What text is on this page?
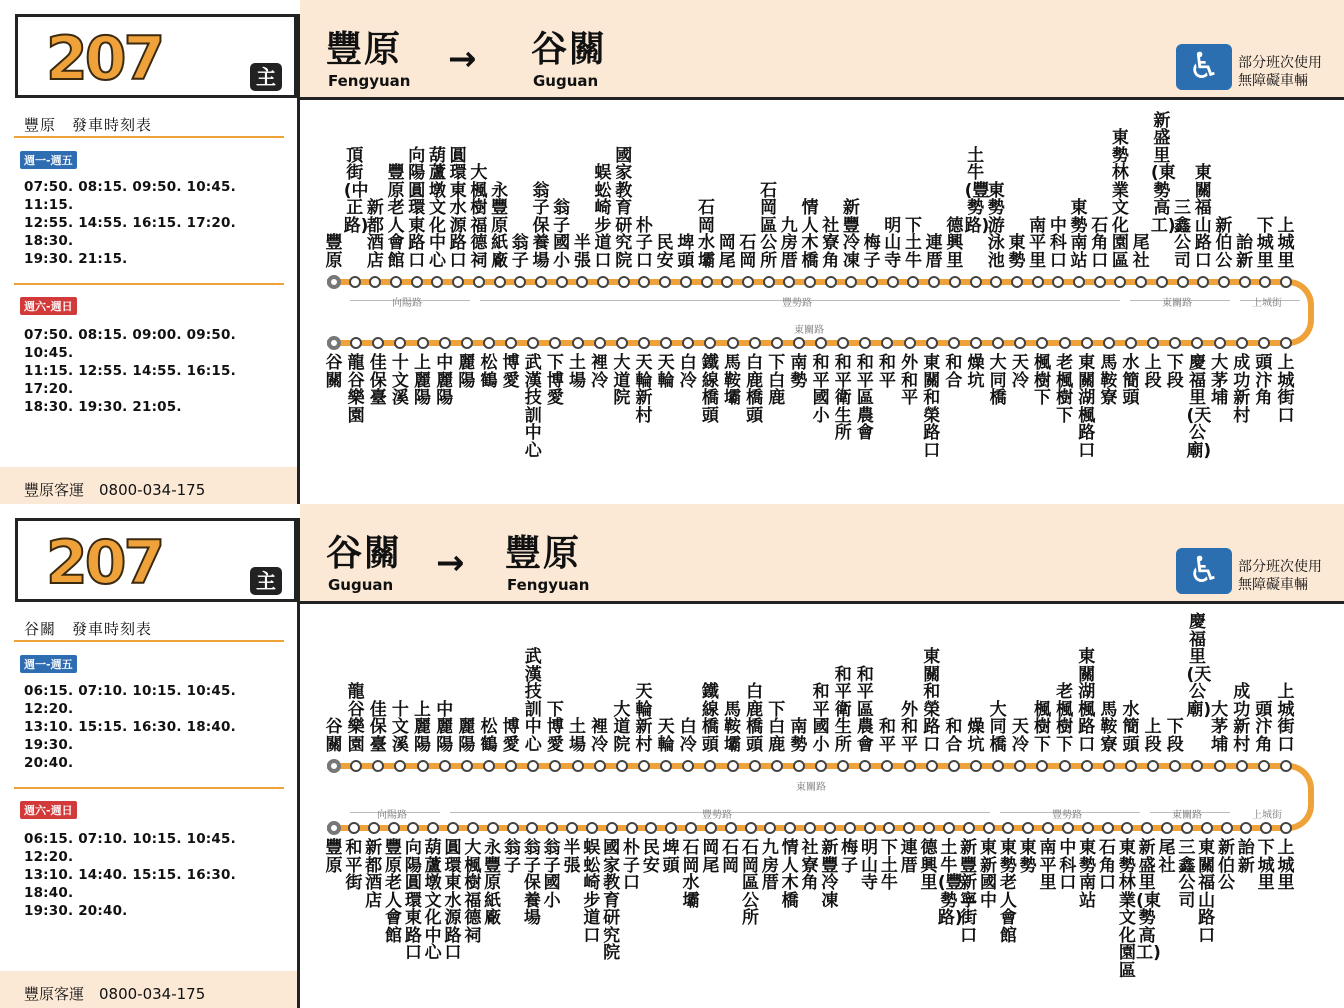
207	主
豐原
Fengyuan
→ 谷關
Guguan	♿	部分班次使用
無障礙車輛
豐原　發車時刻表
週一-週五
07:50. 08:15. 09:50. 10:45. 11:15.
12:55. 14:55. 16:15. 17:20. 18:30.
19:30. 21:15.
週六-週日
07:50. 08:15. 09:00. 09:50. 10:45.
11:15. 12:55. 14:55. 16:15. 17:20.
18:30. 19:30. 21:05.
豐原客運　0800-034-175
豐原
頂街(中正路)
新都酒店
豐原老人會館
向陽圓環東路口
葫蘆墩文化中心
圓環東水源路口
大楓樹福德祠
永豐原紙廠
翁子
翁子保養場
翁子國小
半張
蜈蚣崎步道口
國家教育研究院
朴子口
民安
埤頭
石岡水壩
岡尾
石岡
石岡區公所
九房厝
情人木橋
社寮角
新豐冷凍
梅子
明山寺
下土牛
連厝
德興里
土牛(豐勢路)
東勢游泳池
東勢
南平里
中科口
東勢南站
石角口
東勢林業文化園區
尾社
新盛里(東勢高工)
三鑫公司
東關福山路口
新伯公
詒新
下城里
上城里
谷關
龍谷樂園
佳保臺
十文溪
上麗陽
中麗陽
麗陽
松鶴
博愛
武漢技訓中心
下博愛
土場
裡冷
大道院
天輪新村
天輪
白冷
鐵線橋頭
馬鞍壩
白鹿橋頭
下白鹿
南勢
和平國小
和平衛生所
和平區農會
和平
外和平
東關和榮路口
和合
燥坑
大同橋
天冷
楓樹下
老楓樹下
東關湖楓路口
馬鞍寮
水簡頭
上段
下段
慶福里(天公廟)
大茅埔
成功新村
頭汴角
上城街口
向陽路	豐勢路	東關路	上城街
東關路
207	主
谷關
Guguan
→ 豐原
Fengyuan	♿	部分班次使用
無障礙車輛
谷關　發車時刻表
週一-週五
06:15. 07:10. 10:15. 10:45. 12:20.
13:10. 15:15. 16:30. 18:40. 19:30.
20:40.
週六-週日
06:15. 07:10. 10:15. 10:45. 12:20.
13:10. 14:40. 15:15. 16:30. 18:40.
19:30. 20:40.
豐原客運　0800-034-175
谷關
龍谷樂園
佳保臺
十文溪
上麗陽
中麗陽
麗陽
松鶴
博愛
武漢技訓中心
下博愛
土場
裡冷
大道院
天輪新村
天輪
白冷
鐵線橋頭
馬鞍壩
白鹿橋頭
下白鹿
南勢
和平國小
和平衛生所
和平區農會
和平
外和平
東關和榮路口
和合
燥坑
大同橋
天冷
楓樹下
老楓樹下
東關湖楓路口
馬鞍寮
水簡頭
上段
下段
慶福里(天公廟) 大茅埔
成功新村
頭汴角
上城街口
豐原
和平街
新都酒店
豐原老人會館
向陽圓環東路口
葫蘆墩文化中心
圓環東水源路口
大楓樹福德祠
永豐原紙廠
翁子
翁子保養場
翁子國小
半張
蜈蚣崎步道口
國家教育研究院
朴子口
民安
埤頭
石岡水壩
岡尾
石岡
石岡區公所
九房厝
情人木橋
社寮角
新豐冷凍
梅子
明山寺
下土牛
連厝
德興里
土牛(豐勢路)
新豐新寧街口
東新國中
東勢老人會館
東勢
南平里
中科口
東勢南站
石角口
東勢林業文化園區
新盛里(東勢高工)
尾社
三鑫公司
東關福山路口
新伯公
詒新
下城里
上城里
東關路
向陽路	豐勢路	豐勢路	東關路	上城街
